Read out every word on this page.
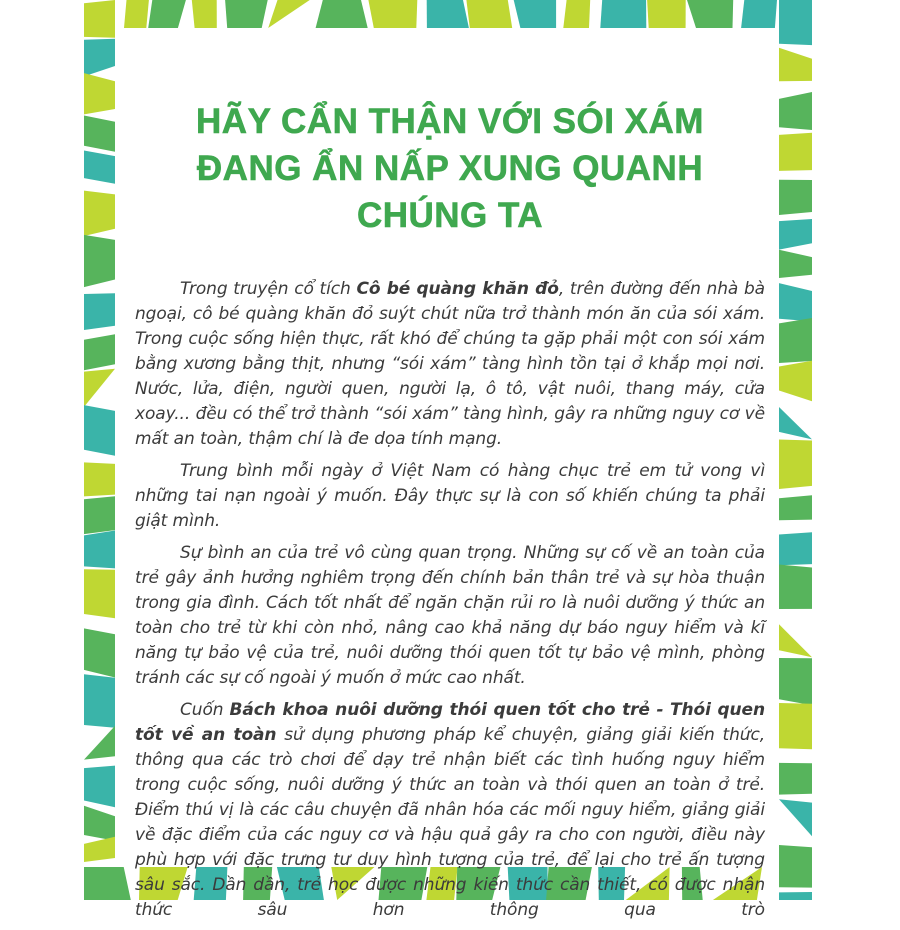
HÃY CẨN THẬN VỚI SÓI XÁM
ĐANG ẨN NẤP XUNG QUANH CHÚNG TA

Trong truyện cổ tích Cô bé quàng khăn đỏ, trên đường đến nhà bà ngoại, cô bé quàng khăn đỏ suýt chút nữa trở thành món ăn của sói xám. Trong cuộc sống hiện thực, rất khó để chúng ta gặp phải một con sói xám bằng xương bằng thịt, nhưng “sói xám” tàng hình tồn tại ở khắp mọi nơi. Nước, lửa, điện, người quen, người lạ, ô tô, vật nuôi, thang máy, cửa xoay... đều có thể trở thành “sói xám” tàng hình, gây ra những nguy cơ về mất an toàn, thậm chí là đe dọa tính mạng.

Trung bình mỗi ngày ở Việt Nam có hàng chục trẻ em tử vong vì những tai nạn ngoài ý muốn. Đây thực sự là con số khiến chúng ta phải giật mình.

Sự bình an của trẻ vô cùng quan trọng. Những sự cố về an toàn của trẻ gây ảnh hưởng nghiêm trọng đến chính bản thân trẻ và sự hòa thuận trong gia đình. Cách tốt nhất để ngăn chặn rủi ro là nuôi dưỡng ý thức an toàn cho trẻ từ khi còn nhỏ, nâng cao khả năng dự báo nguy hiểm và kĩ năng tự bảo vệ của trẻ, nuôi dưỡng thói quen tốt tự bảo vệ mình, phòng tránh các sự cố ngoài ý muốn ở mức cao nhất.

Cuốn Bách khoa nuôi dưỡng thói quen tốt cho trẻ - Thói quen tốt về an toàn sử dụng phương pháp kể chuyện, giảng giải kiến thức, thông qua các trò chơi để dạy trẻ nhận biết các tình huống nguy hiểm trong cuộc sống, nuôi dưỡng ý thức an toàn và thói quen an toàn ở trẻ. Điểm thú vị là các câu chuyện đã nhân hóa các mối nguy hiểm, giảng giải về đặc điểm của các nguy cơ và hậu quả gây ra cho con người, điều này phù hợp với đặc trưng tư duy hình tượng của trẻ, để lại cho trẻ ấn tượng sâu sắc. Dần dần, trẻ học được những kiến thức cần thiết, có được nhận thức sâu hơn thông qua trò
